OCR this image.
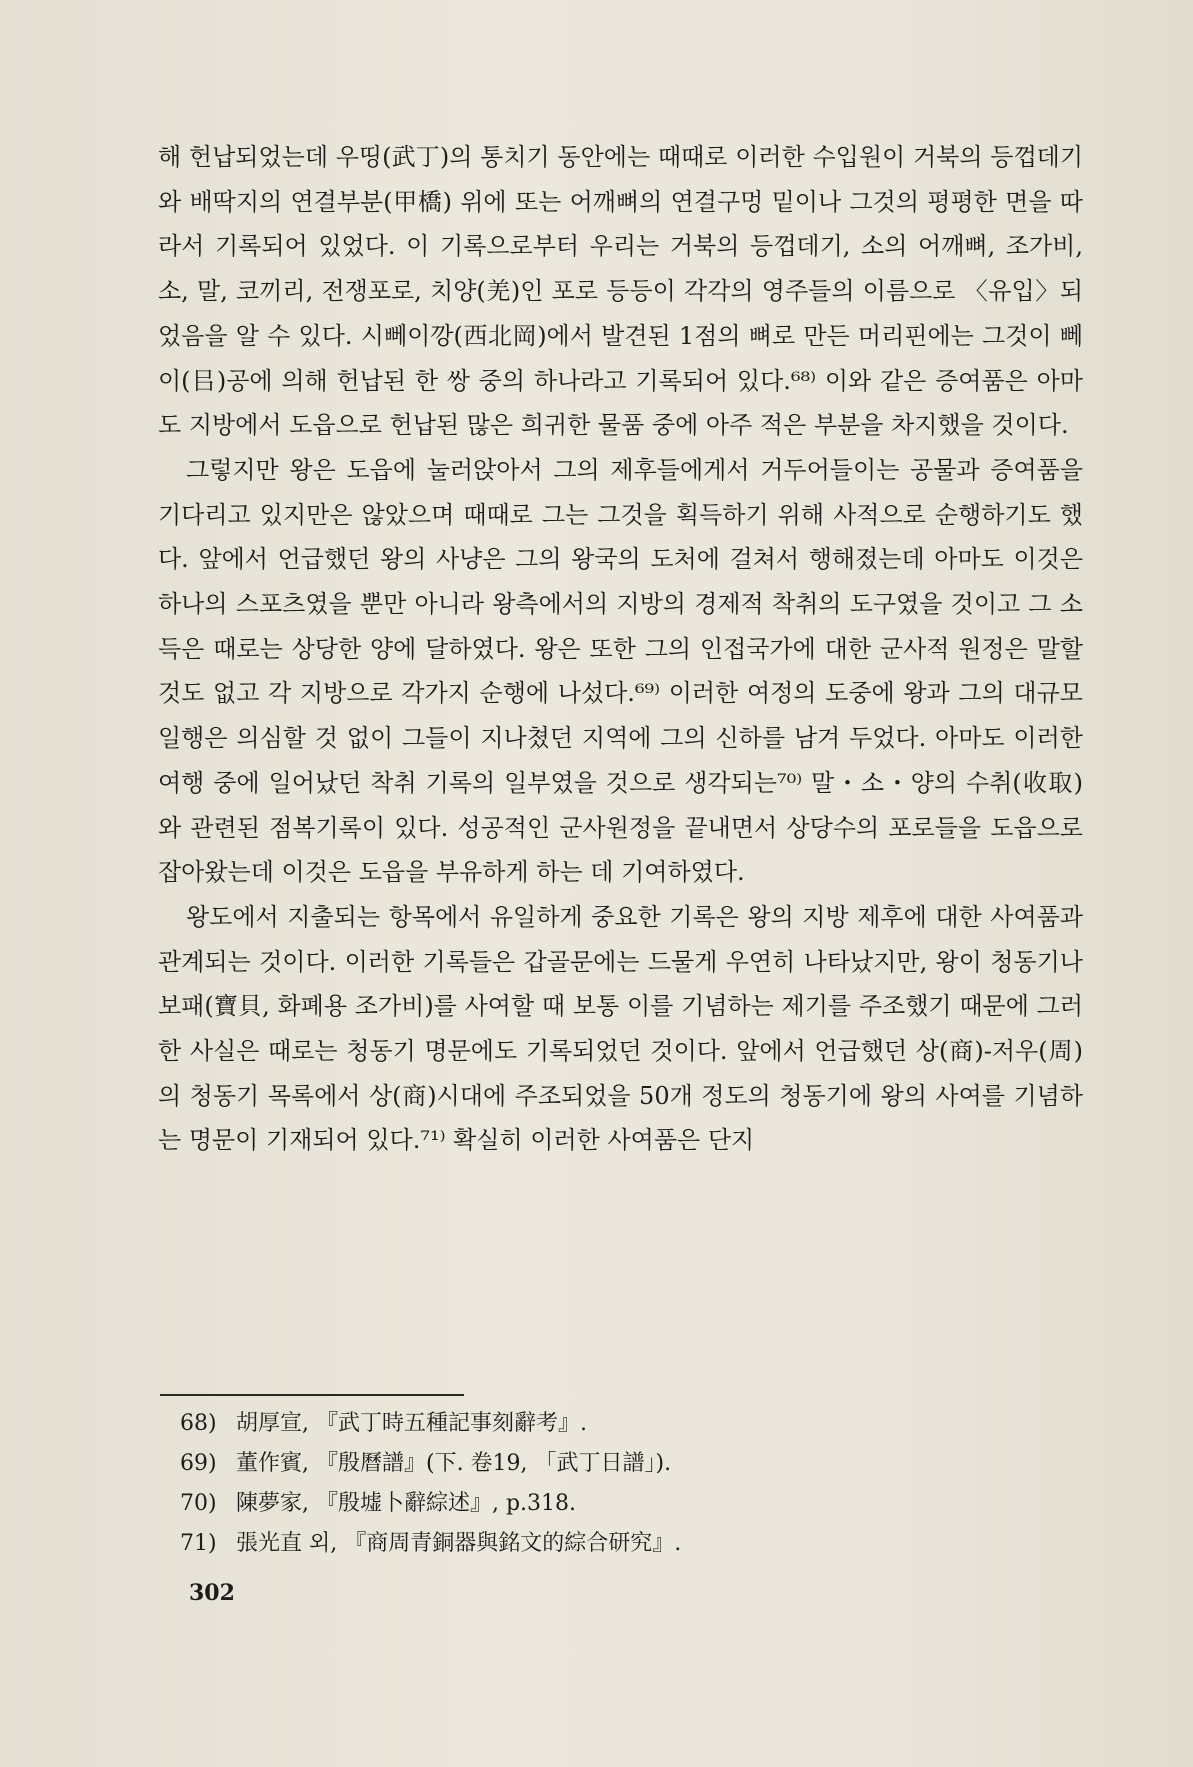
해 헌납되었는데 우띵(武丁)의 통치기 동안에는 때때로 이러한 수입원이 거북의 등껍데기와 배딱지의 연결부분(甲橋) 위에 또는 어깨뼈의 연결구멍 밑이나 그것의 평평한 면을 따라서 기록되어 있었다. 이 기록으로부터 우리는 거북의 등껍데기, 소의 어깨뼈, 조가비, 소, 말, 코끼리, 전쟁포로, 치양(羌)인 포로 등등이 각각의 영주들의 이름으로 〈유입〉되었음을 알 수 있다. 시뻬이깡(西北岡)에서 발견된 1점의 뼈로 만든 머리핀에는 그것이 뻬이(㠯)공에 의해 헌납된 한 쌍 중의 하나라고 기록되어 있다.⁶⁸⁾ 이와 같은 증여품은 아마도 지방에서 도읍으로 헌납된 많은 희귀한 물품 중에 아주 적은 부분을 차지했을 것이다.

그렇지만 왕은 도읍에 눌러앉아서 그의 제후들에게서 거두어들이는 공물과 증여품을 기다리고 있지만은 않았으며 때때로 그는 그것을 획득하기 위해 사적으로 순행하기도 했다. 앞에서 언급했던 왕의 사냥은 그의 왕국의 도처에 걸쳐서 행해졌는데 아마도 이것은 하나의 스포츠였을 뿐만 아니라 왕측에서의 지방의 경제적 착취의 도구였을 것이고 그 소득은 때로는 상당한 양에 달하였다. 왕은 또한 그의 인접국가에 대한 군사적 원정은 말할 것도 없고 각 지방으로 각가지 순행에 나섰다.⁶⁹⁾ 이러한 여정의 도중에 왕과 그의 대규모 일행은 의심할 것 없이 그들이 지나쳤던 지역에 그의 신하를 남겨 두었다. 아마도 이러한 여행 중에 일어났던 착취 기록의 일부였을 것으로 생각되는⁷⁰⁾ 말・소・양의 수취(收取)와 관련된 점복기록이 있다. 성공적인 군사원정을 끝내면서 상당수의 포로들을 도읍으로 잡아왔는데 이것은 도읍을 부유하게 하는 데 기여하였다.

왕도에서 지출되는 항목에서 유일하게 중요한 기록은 왕의 지방 제후에 대한 사여품과 관계되는 것이다. 이러한 기록들은 갑골문에는 드물게 우연히 나타났지만, 왕이 청동기나 보패(寶貝, 화폐용 조가비)를 사여할 때 보통 이를 기념하는 제기를 주조했기 때문에 그러한 사실은 때로는 청동기 명문에도 기록되었던 것이다. 앞에서 언급했던 상(商)-저우(周)의 청동기 목록에서 상(商)시대에 주조되었을 50개 정도의 청동기에 왕의 사여를 기념하는 명문이 기재되어 있다.⁷¹⁾ 확실히 이러한 사여품은 단지

68) 胡厚宣, 『武丁時五種記事刻辭考』.
69) 董作賓, 『殷曆譜』(下. 卷19, 「武丁日譜」).
70) 陳夢家, 『殷墟卜辭綜述』, p.318.
71) 張光直 외, 『商周青銅器與銘文的綜合研究』.
302
